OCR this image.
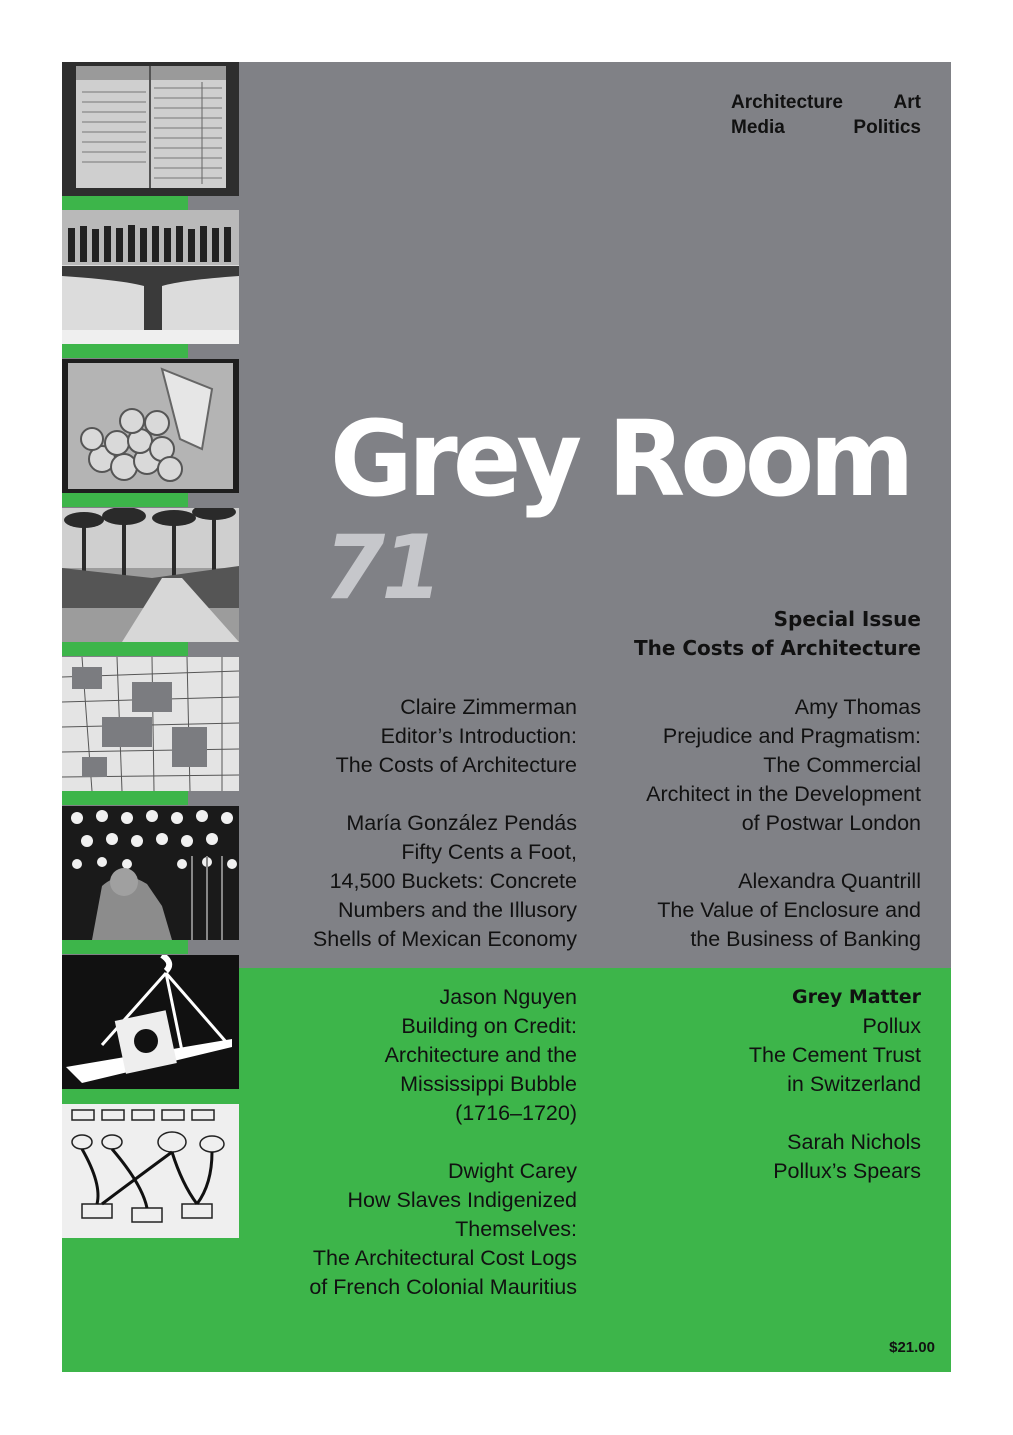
Architecture	Art
Media	Politics
Grey Room
71	Special Issue
The Costs of Architecture
Claire Zimmerman
Editor’s Introduction:
The Costs of Architecture
María González Pendás
Fifty Cents a Foot,
14,500 Buckets: Concrete
Numbers and the Illusory
Shells of Mexican Economy
Jason Nguyen
Building on Credit:
Architecture and the
Mississippi Bubble
(1716–1720)
Dwight Carey
How Slaves Indigenized
Themselves:
The Architectural Cost Logs
of French Colonial Mauritius
Amy Thomas
Prejudice and Pragmatism:
The Commercial
Architect in the Development
of Postwar London
Alexandra Quantrill
The Value of Enclosure and
the Business of Banking
Grey Matter
Pollux
The Cement Trust
in Switzerland
Sarah Nichols
Pollux’s Spears
$21.00
